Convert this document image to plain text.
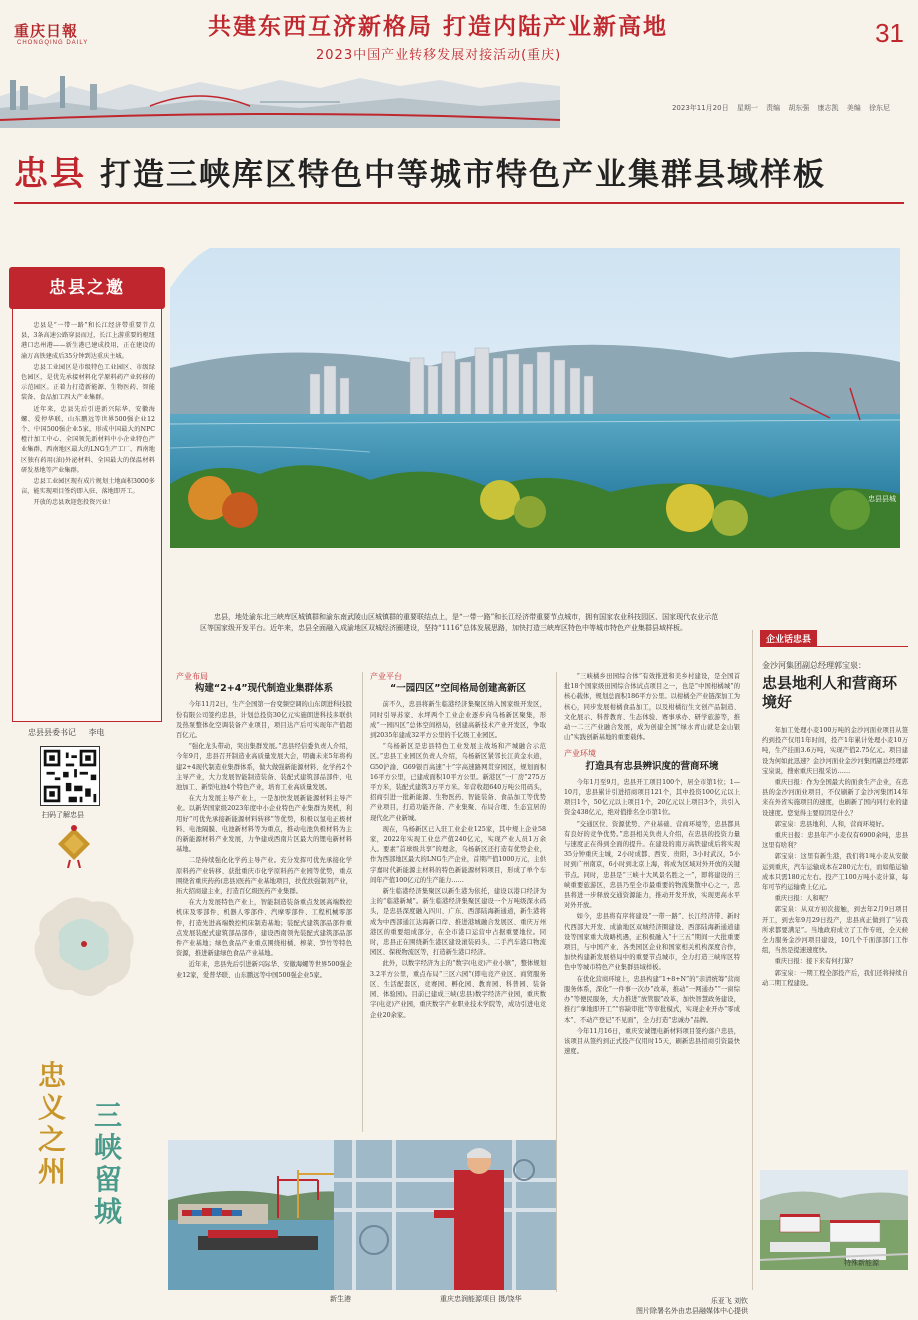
重庆日報
CHONGQING DAILY
共建东西互济新格局 打造内陆产业新高地
2023中国产业转移发展对接活动(重庆)
31
2023年11月20日 星期一 责编 胡东强 康志凯 美编 徐东尼
忠县 打造三峡库区特色中等城市特色产业集群县域样板
忠县之邀

忠县是“一带一路”和长江经济带重要节点县，3条高速公路穿县而过，长江上游重要的枢纽港口忠州港——新生港已建成投用，正在建设的渝万高铁建成后35分钟到达重庆主城。

忠县工业园区是市级特色工业园区、市级绿色园区，是优先承接材料化学原料药产业转移的示范园区。正着力打造新能源、生物医药、智能装备、食品加工四大产业集群。

近年来，忠县先后引进新兴际华、安徽海螺、爱停华联、山东鹏远等世界500强企业12个、中国500强企业5家，形成中国最大的NPC橙汁加工中心、全国领先新材料中小企业特色产业集群、西南地区最大的LNG生产工厂、西南地区独有药用(油)外泌材料、全国最大的保温材料研发基地等产业集群。

忠县工业园区现有成片规划土地面积3000多亩，能实现项目签约即入驻、落地即开工。

开放的忠县欢迎您投资兴业！

忠县县委书记 李电
扫码了解忠县
忠义之州
三峡留城
忠县县城
忠县，地处渝东北三峡库区城镇群和渝东南武陵山区城镇群的重要联结点上，是“一带一路”和长江经济带重要节点城市，拥有国家农业科技园区、国家现代农业示范区等国家级开发平台。近年来，忠县全面融入成渝地区双城经济圈建设，坚持“1116”总体发展思路，加快打造三峡库区特色中等城市特色产业集群县域样板。
产业布局
构建“2+4”现代制造业集群体系

今年11月2日，生产全国第一台变频空调的山东朗进科技股份有限公司签约忠县，计划总投资30亿元实施朗进科技多联供及热泵整体化空调装备产业项目，项目达产后可实现年产值超百亿元。

“强化龙头带动，突出集群发展。”忠县经信委负责人介绍，今年9月，忠县召开制造业高质量发展大会，明确未来5年将构建2+4现代制造业集群体系，做大做强新能源材料、化学药2个主导产业，大力发展智能制造装备、装配式建筑部品部件、电池加工、新型电池4个特色产业，培育工业高质量发展。

在大力发展主导产业上，一是加快发展新能源材料主导产业。以新华国家级2023年度中小企业特色产业集群为契机，利用好“可优先承接新能源材料转移”等优势，积极以氢电正极材料、电池隔膜、电池新材料等为重点，推动电池负极材料为主的新能源材料产业发展，力争建成西南片区最大的锂电新材料基地。

二是持续强化化学药主导产业。充分发挥可优先承接化学原料药产业转移、获批重庆市化学原料药产业园等优势，重点围绕省重庆药药(忠县)医药产业基地项目，扶优扶强制剂产业，拓大招商建主业，打造百亿级医药产业集群。

在大力发展特色产业上，智能制造装备重点发展高端数控机床及零部件、机器人零部件、汽摩零部件、工程机械零部件，打造先进高端数控机床制造基地；装配式建筑部品部件重点发展装配式建筑部品部件，建设西南领先装配式建筑部品部件产业基地；绿色食品产业重点围绕柑橘、榨菜、笋竹等特色资源，推进新建绿色食品产业基地。

近年来，忠县先后引进新兴际华、安徽海螺等世界500强企业12家，爱普华联、山东鹏远等中国500强企业5家。

产业平台
“一园四区”空间格局创建高新区

前不久，忠县将新生临港经济集聚区纳入国家级开发区，同时引导苏家、水坪两个工业企业逐步向乌杨新区聚集，形成“一园四区”总体空间格局，创建高新技术产业开发区，争取到2035年建成32平方公里的千亿级工业园区。

“乌杨新区是忠县特色工业发展主战场和产城融合示范区。”忠县工业园区负责人介绍，乌杨新区紧邻长江黄金水道，G50沪渝、G69银百高速“十”字高速路网贯穿园区，规划面积16平方公里，已建成面积10平方公里。新港区“一厂房”275万平方米，装配式建筑3万平方米。年营收超640万吨公用码头，招商引进一批新能源、生物医药、智能装备、食品加工等优势产业项目，打造功能齐备、产业集聚、布局合理、生态宜居的现代化产业新城。

现在，乌杨新区已入驻工业企业125家，其中规上企业58家，2022年实现工业总产值240亿元，实现产业人员1万余人。要素“首球级共享”的理念，乌杨新区还打造有优势企业，作为西部地区最大的LNG生产企业，首期产值1000万元，主供宇嘉时代新能源主材料的特色新能源材料项目，形成了单个车间年产值100亿元的生产能力……

新生临港经济集聚区以新生港为依托，建设以港口经济为主的“临港新城”。新生临港经济集聚区建设一个万吨级深水码头，是忠县深度融入四川、广东、西部陆海新通道，新生港将成为中西部通江达海新口岸、推进港城融合发展区、重庆万州港区的重要组成部分，在全市港口运营中占据重要地位。同时，忠县正在围绕新生港区建设滚装码头、二手汽车港口物流园区、保税物流区等，打造新生港口经济。

此外，以数字经济为主的“数字(电竞)产业小镇”，整体规划3.2平方公里，重点布局“三区六园”(即电竞产业区、商贸服务区、生活配套区，竞赛园、孵化园、教育园、科普园、装备园、体验园)。目前已建成三峡(忠县)数字经济产业园，重庆数字(电竞)产业园，重庆数字产业职业技术学院等，成功引进电竞企业20余家。

“三峡橘乡田园综合体”有效推进和美乡村建设，是全国首批18个国家级田园综合体试点项目之一，也是“中国柑橘城”的核心载体，规划总面积186平方公里。以柑橘全产业链深加工为核心，同步发展柑橘食品加工，以及柑橘衍生文创产品制造、文化展示、科普教育、生态体验、赛事承办、研学旅游等，推动一二三产业融合发展，成为创建全国“绿水青山就是金山银山”实践创新基地的重要载体。

产业环境
打造具有忠县辨识度的营商环境

今年1月至9月，忠县开工项目100个，居全市第1位；1—10月，忠县累计引进招商项目121个，其中投资100亿元以上项目1个，50亿元以上项目1个，20亿元以上项目3个，共引入资金438亿元，绝对值排名全市第1位。

“交通区位、资源优势、产业基础、营商环境等，忠县都具有良好的竞争优势。”忠县相关负责人介绍，在忠县的投资力量与速度正在得到全面的提升。在建设的南万高铁建成后将实现35分钟重庆主城，2小时成都、西安、贵阳，3小时武汉，5小时到广州南京，6小时到北京上海，将成为区域对外开放的关键节点。同时，忠县是“三峡十大风景名胜之一”，即将建设的三峡重要旅游区，忠县乃至全市最重要的物流集散中心之一，忠县将进一步释放交通资源能力，推动开发开放，实现更高水平对外开放。

如今，忠县将有序将建设“一带一路”、长江经济带、新时代西部大开发、成渝地区双城经济圈建设、西部陆海新通道建设等国家重大战略机遇，正积极融入“十三五”期间一大批重要项目，与中国产业、各类园区企业和国家相关机构深度合作，加快构建新发展格局中的重要节点城市，全力打造三峡库区特色中等城市特色产业集群县域样板。

在优化营商环境上，忠县构建“1+8+N”的“亲清统筹”营商服务体系，深化“一件事一次办”改革，推动“一网通办”“一窗综办”等便民服务，大力推进“放管服”改革，加快智慧政务建设，推行“拿地即开工”“容缺审批”等审批模式，实现企业开办“零成本”、不动产登记“不见面”，全力打造“忠诚办”品牌。

今年11月16日，重庆安诚锂电新材料项目签约落户忠县，该项目从签约到正式投产仅用时15天，刷新忠县招商引资最快速度。

企业话忠县
金沙河集团副总经理郭宝泉：
忠县地利人和营商环境好

年加工处理小麦100万吨的金沙河面业项目从签约到投产仅用1年时间，投产1年累计处理小麦10万吨，生产挂面3.6万吨，实现产值2.75亿元。项目建设为何如此迅速？金沙河面业金沙河集团副总经理郭宝泉说，搜索重庆日报采访……

重庆日报：作为全国最大的面食生产企业，在忠县的金沙河面业项目，不仅刷新了金沙河集团14年来在外省实施项目的速度，也刷新了国内同行业的建设速度。您觉得主要原因是什么？

郭宝泉：忠县地利、人和，营商环境好。

重庆日报：忠县年产小麦仅有6900余吨，忠县这里有啥利？

郭宝泉：这里有新生港，我们将1吨小麦从安徽运到重庆，汽车运输成本在280元左右，而如船运输成本只需180元左右。投产工100万吨小麦计算，每年可节约运输费上亿元。

重庆日报：人和呢？

郭宝泉：从双方初次接触，到去年2月9日项目开工，到去年9月29日投产，忠县真正做到了“另我所求都要满足”。当地政府成立了工作专班，全天候全力服务金沙河项目建设，10几个千面部部门工作组，当然是提速速度快。

重庆日报：接下来有何打算？

郭宝泉：一期工程全部投产后，我们还将持续自动二期工程建设。

特殊新能源
新生港	重庆忠润能源项目 摄/饶华	乐亚飞 刘钦
图片除署名外由忠县融媒体中心提供
